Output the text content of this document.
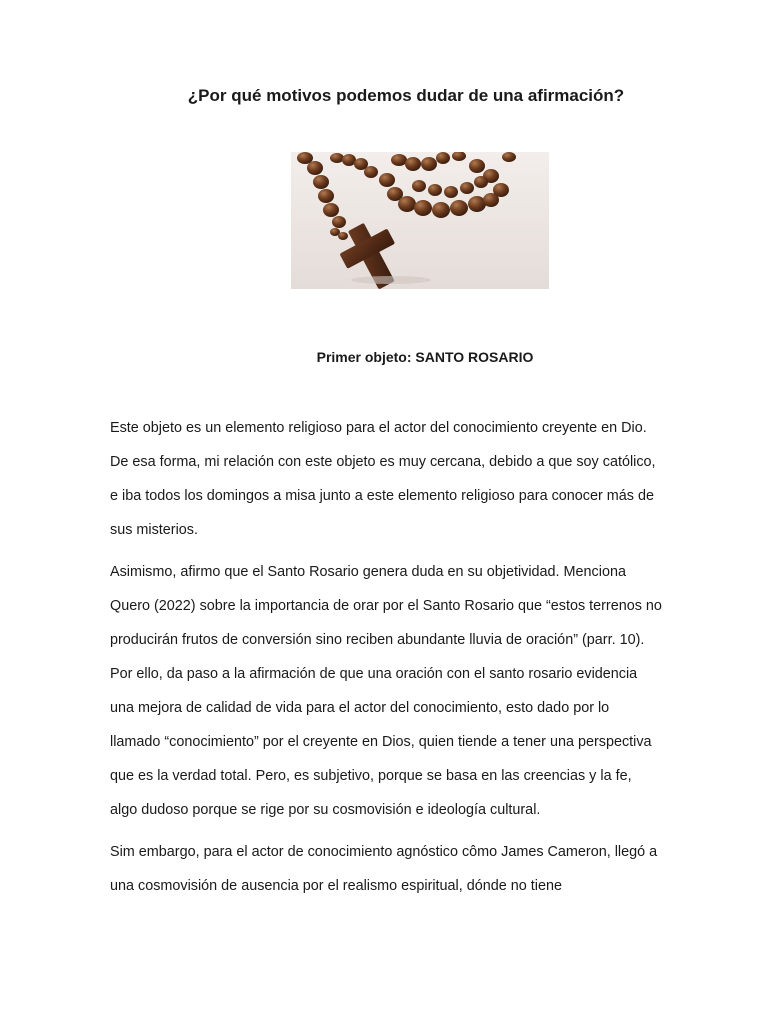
¿Por qué motivos podemos dudar de una afirmación?
Primer objeto: SANTO ROSARIO

Este objeto es un elemento religioso para el actor del conocimiento creyente en Dio. De esa forma, mi relación con este objeto es muy cercana, debido a que soy católico, e iba todos los domingos a misa junto a este elemento religioso para conocer más de sus misterios.

Asimismo, afirmo que el Santo Rosario genera duda en su objetividad. Menciona Quero (2022) sobre la importancia de orar por el Santo Rosario que “estos terrenos no producirán frutos de conversión sino reciben abundante lluvia de oración” (parr. 10). Por ello, da paso a la afirmación de que una oración con el santo rosario evidencia una mejora de calidad de vida para el actor del conocimiento, esto dado por lo llamado “conocimiento” por el creyente en Dios, quien tiende a tener una perspectiva que es la verdad total. Pero, es subjetivo, porque se basa en las creencias y la fe, algo dudoso porque se rige por su cosmovisión e ideología cultural.

Sim embargo, para el actor de conocimiento agnóstico cômo James Cameron, llegó a una cosmovisión de ausencia por el realismo espiritual, dónde no tiene
